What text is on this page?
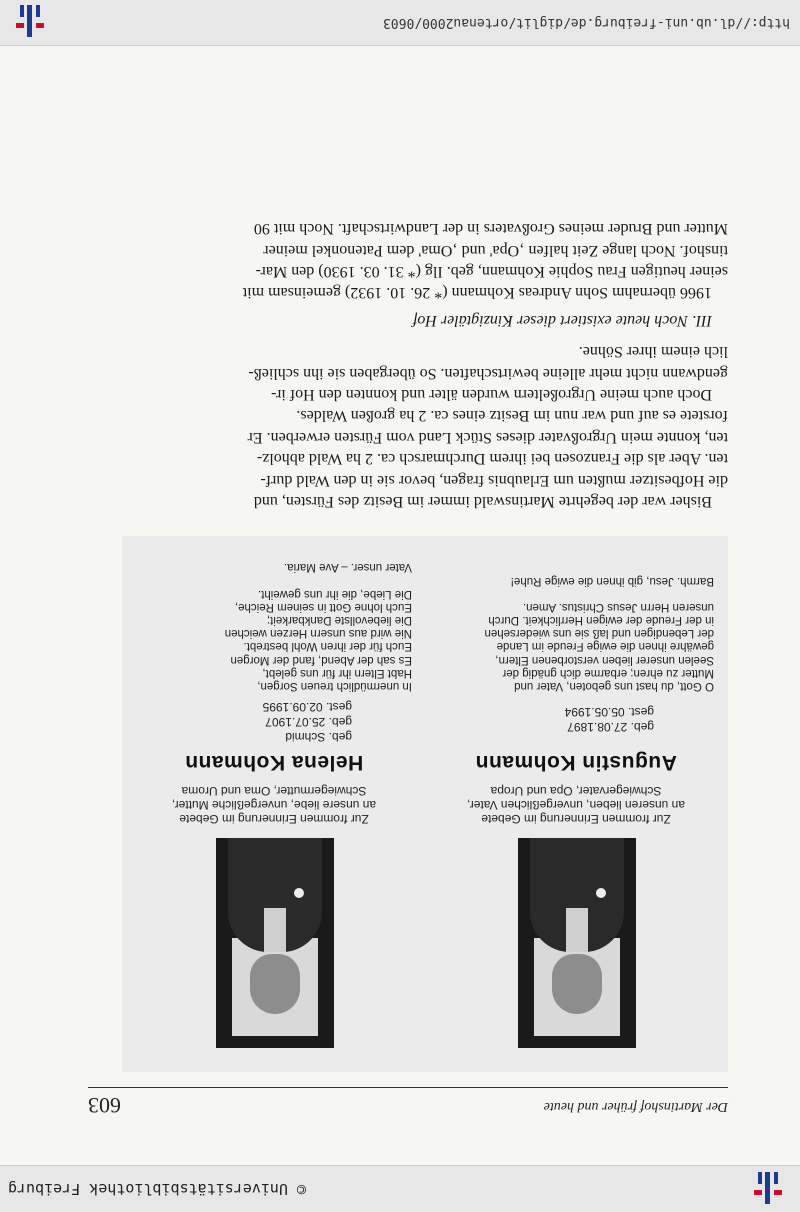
© Universitätsbibliothek Freiburg
Der Martinshof früher und heute
603
Zur frommen Erinnerung im Gebete
an unseren lieben, unvergeßlichen Vater,
Schwiegervater, Opa und Uropa
Augustin Kohmann
geb. 27.08.1897
gest. 05.05.1994
O Gott, du hast uns geboten, Vater und
Mutter zu ehren; erbarme dich gnädig der
Seelen unserer lieben verstorbenen Eltern,
gewähre ihnen die ewige Freude im Lande
der Lebendigen und laß sie uns wiedersehen
in der Freude der ewigen Herrlichkeit. Durch
unseren Herrn Jesus Christus. Amen.
Barmh. Jesu, gib ihnen die ewige Ruhe!
Zur frommen Erinnerung im Gebete
an unsere liebe, unvergeßliche Mutter,
Schwiegermutter, Oma und Uroma
Helena Kohmann
geb. Schmid
geb. 25.07.1907
gest. 02.09.1995
In unermüdlich treuen Sorgen,
Habt Eltern ihr für uns gelebt,
Es sah der Abend, fand der Morgen
Euch für der ihren Wohl bestrebt.
Nie wird aus unsern Herzen weichen
Die liebevollste Dankbarkeit;
Euch lohne Gott in seinem Reiche,
Die Liebe, die ihr uns geweiht.
Vater unser. – Ave Maria.
Bisher war der begehrte Martinswald immer im Besitz des Fürsten, und
die Hofbesitzer mußten um Erlaubnis fragen, bevor sie in den Wald durf-
ten. Aber als die Franzosen bei ihrem Durchmarsch ca. 2 ha Wald abholz-
ten, konnte mein Urgroßvater dieses Stück Land vom Fürsten erwerben. Er
forstete es auf und war nun im Besitz eines ca. 2 ha großen Waldes.
Doch auch meine Urgroßeltern wurden älter und konnten den Hof ir-
gendwann nicht mehr alleine bewirtschaften. So übergaben sie ihn schließ-
lich einem ihrer Söhne.
III. Noch heute existiert dieser Kinzigtäler Hof
1966 übernahm Sohn Andreas Kohmann (* 26. 10. 1932) gemeinsam mit
seiner heutigen Frau Sophie Kohmann, geb. Ilg (* 31. 03. 1930) den Mar-
tinshof. Noch lange Zeit halfen ‚Opa' und ‚Oma' dem Patenonkel meiner
Mutter und Bruder meines Großvaters in der Landwirtschaft. Noch mit 90
http://dl.ub.uni-freiburg.de/diglit/ortenau2000/0603
